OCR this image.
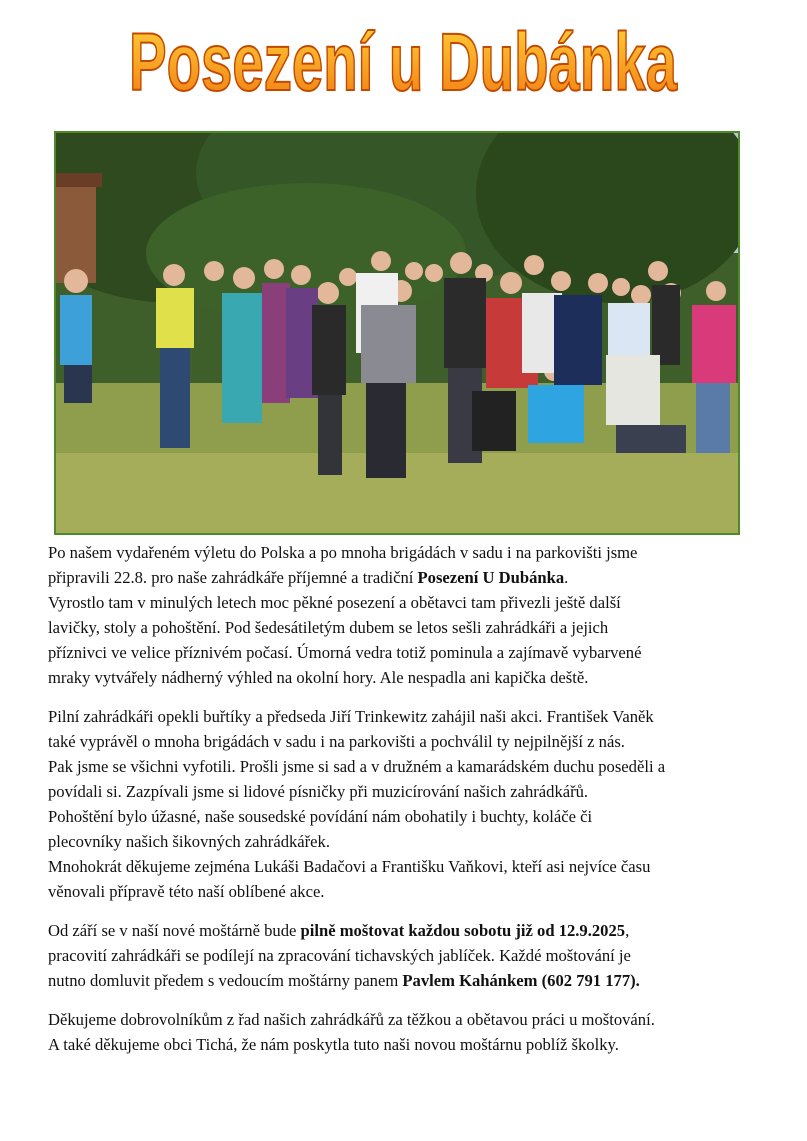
Posezení u Dubánka

Po našem vydařeném výletu do Polska a po mnoha brigádách v sadu i na parkovišti jsme
připravili 22.8. pro naše zahrádkáře příjemné a tradiční Posezení U Dubánka.
Vyrostlo tam v minulých letech moc pěkné posezení a obětavci tam přivezli ještě další
lavičky, stoly a pohoštění. Pod šedesátiletým dubem se letos sešli zahrádkáři a jejich
příznivci ve velice příznivém počasí. Úmorná vedra totiž pominula a zajímavě vybarvené
mraky vytvářely nádherný výhled na okolní hory. Ale nespadla ani kapička deště.

Pilní zahrádkáři opekli buřtíky a předseda Jiří Trinkewitz zahájil naši akci. František Vaněk
také vyprávěl o mnoha brigádách v sadu i na parkovišti a pochválil ty nejpilnější z nás.
Pak jsme se všichni vyfotili. Prošli jsme si sad a v družném a kamarádském duchu poseděli a
povídali si. Zazpívali jsme si lidové písničky při muzicírování našich zahrádkářů.
Pohoštění bylo úžasné, naše sousedské povídání nám obohatily i buchty, koláče či
plecovníky našich šikovných zahrádkářek.
Mnohokrát děkujeme zejména Lukáši Badačovi a Františku Vaňkovi, kteří asi nejvíce času
věnovali přípravě této naší oblíbené akce.

Od září se v naší nové moštárně bude pilně moštovat každou sobotu již od 12.9.2025,
pracovití zahrádkáři se podílejí na zpracování tichavských jablíček. Každé moštování je
nutno domluvit předem s vedoucím moštárny panem Pavlem Kahánkem (602 791 177).

Děkujeme dobrovolníkům z řad našich zahrádkářů za těžkou a obětavou práci u moštování.
A také děkujeme obci Tichá, že nám poskytla tuto naši novou moštárnu poblíž školky.
